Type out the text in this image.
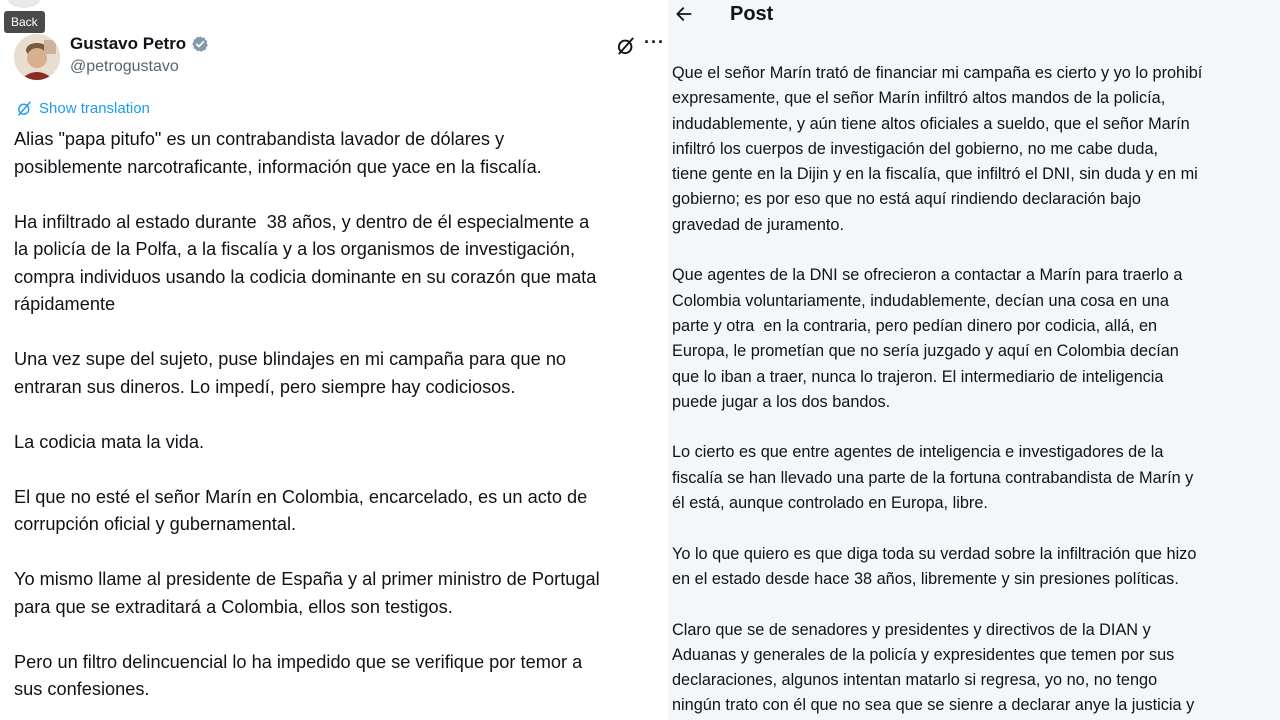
Back
Gustavo Petro
@petrogustavo
···
Show translation

Alias "papa pitufo" es un contrabandista lavador de dólares y
posiblemente narcotraficante, información que yace en la fiscalía.

Ha infiltrado al estado durante  38 años, y dentro de él especialmente a
la policía de la Polfa, a la fiscalía y a los organismos de investigación,
compra individuos usando la codicia dominante en su corazón que mata
rápidamente

Una vez supe del sujeto, puse blindajes en mi campaña para que no
entraran sus dineros. Lo impedí, pero siempre hay codiciosos.

La codicia mata la vida.

El que no esté el señor Marín en Colombia, encarcelado, es un acto de
corrupción oficial y gubernamental.

Yo mismo llame al presidente de España y al primer ministro de Portugal
para que se extraditará a Colombia, ellos son testigos.

Pero un filtro delincuencial lo ha impedido que se verifique por temor a
sus confesiones.

Post

Que el señor Marín trató de financiar mi campaña es cierto y yo lo prohibí
expresamente, que el señor Marín infiltró altos mandos de la policía,
indudablemente, y aún tiene altos oficiales a sueldo, que el señor Marín
infiltró los cuerpos de investigación del gobierno, no me cabe duda,
tiene gente en la Dijin y en la fiscalía, que infiltró el DNI, sin duda y en mi
gobierno; es por eso que no está aquí rindiendo declaración bajo
gravedad de juramento.

Que agentes de la DNI se ofrecieron a contactar a Marín para traerlo a
Colombia voluntariamente, indudablemente, decían una cosa en una
parte y otra  en la contraria, pero pedían dinero por codicia, allá, en
Europa, le prometían que no sería juzgado y aquí en Colombia decían
que lo iban a traer, nunca lo trajeron. El intermediario de inteligencia
puede jugar a los dos bandos.

Lo cierto es que entre agentes de inteligencia e investigadores de la
fiscalía se han llevado una parte de la fortuna contrabandista de Marín y
él está, aunque controlado en Europa, libre.

Yo lo que quiero es que diga toda su verdad sobre la infiltración que hizo
en el estado desde hace 38 años, libremente y sin presiones políticas.

Claro que se de senadores y presidentes y directivos de la DIAN y
Aduanas y generales de la policía y expresidentes que temen por sus
declaraciones, algunos intentan matarlo si regresa, yo no, no tengo
ningún trato con él que no sea que se sienre a declarar anye la justicia y
